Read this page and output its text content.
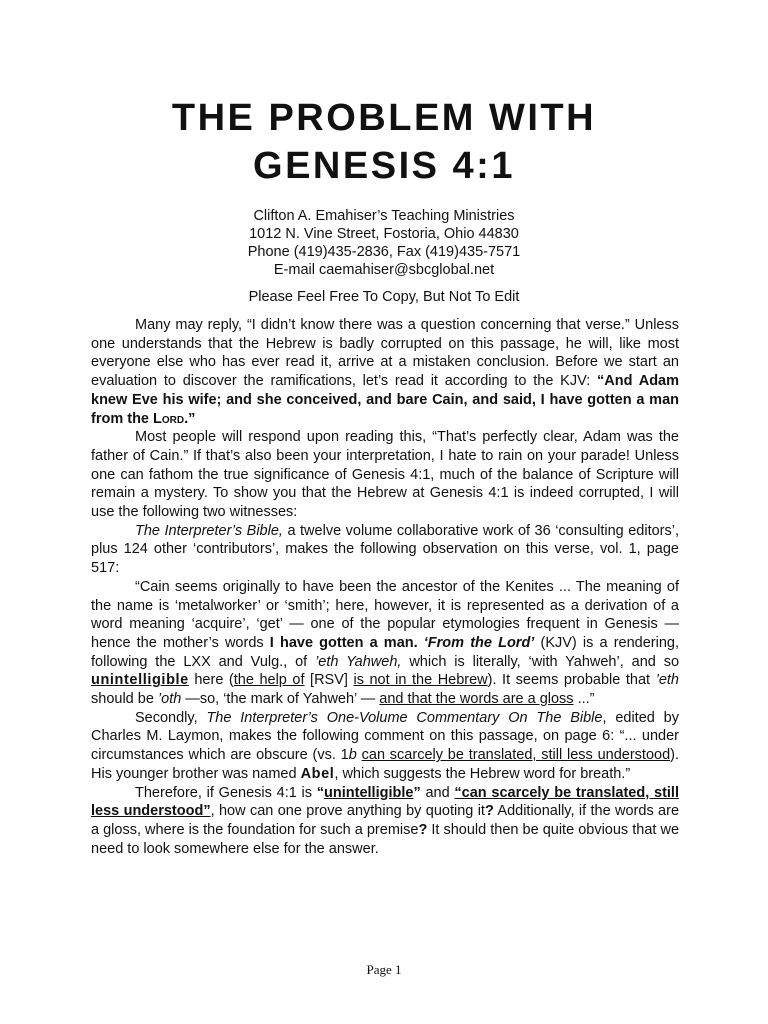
THE PROBLEM WITH
GENESIS 4:1
Clifton A. Emahiser’s Teaching Ministries
1012 N. Vine Street, Fostoria, Ohio 44830
Phone (419)435-2836, Fax (419)435-7571
E-mail caemahiser@sbcglobal.net
Please Feel Free To Copy, But Not To Edit

Many may reply, “I didn’t know there was a question concerning that verse.” Unless one understands that the Hebrew is badly corrupted on this passage, he will, like most everyone else who has ever read it, arrive at a mistaken conclusion. Before we start an evaluation to discover the ramifications, let’s read it according to the KJV: “And Adam knew Eve his wife; and she conceived, and bare Cain, and said, I have gotten a man from the Lord.”

Most people will respond upon reading this, “That’s perfectly clear, Adam was the father of Cain.” If that’s also been your interpretation, I hate to rain on your parade! Unless one can fathom the true significance of Genesis 4:1, much of the balance of Scripture will remain a mystery. To show you that the Hebrew at Genesis 4:1 is indeed corrupted, I will use the following two witnesses:

The Interpreter’s Bible, a twelve volume collaborative work of 36 ‘consulting editors’, plus 124 other ‘contributors’, makes the following observation on this verse, vol. 1, page 517:

“Cain seems originally to have been the ancestor of the Kenites ... The meaning of the name is ‘metalworker’ or ‘smith’; here, however, it is represented as a derivation of a word meaning ‘acquire’, ‘get’ — one of the popular etymologies frequent in Genesis — hence the mother’s words I have gotten a man. ‘From the Lord’ (KJV) is a rendering, following the LXX and Vulg., of ’eth Yahweh, which is literally, ‘with Yahweh’, and so unintelligible here (the help of [RSV] is not in the Hebrew). It seems probable that ’eth should be ’oth —so, ‘the mark of Yahweh’ — and that the words are a gloss ...”

Secondly, The Interpreter’s One-Volume Commentary On The Bible, edited by Charles M. Laymon, makes the following comment on this passage, on page 6: “... under circumstances which are obscure (vs. 1b can scarcely be translated, still less understood). His younger brother was named Abel, which suggests the Hebrew word for breath.”

Therefore, if Genesis 4:1 is “unintelligible” and “can scarcely be translated, still less understood”, how can one prove anything by quoting it? Additionally, if the words are a gloss, where is the foundation for such a premise? It should then be quite obvious that we need to look somewhere else for the answer.

Page 1
